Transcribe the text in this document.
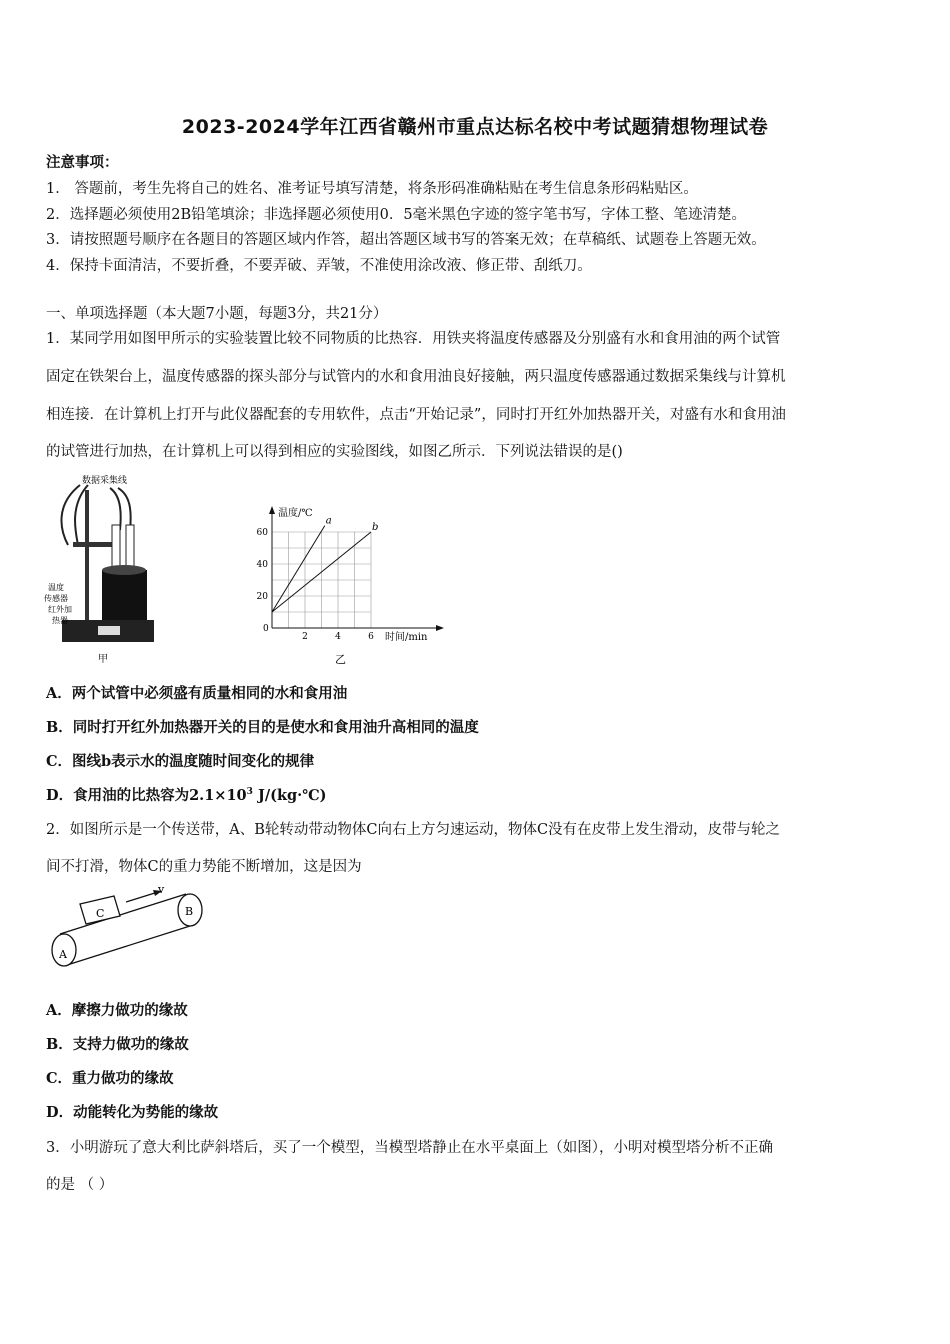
2023-2024学年江西省赣州市重点达标名校中考试题猜想物理试卷
注意事项：
1． 答题前，考生先将自己的姓名、准考证号填写清楚，将条形码准确粘贴在考生信息条形码粘贴区。
2．选择题必须使用2B铅笔填涂；非选择题必须使用0．5毫米黑色字迹的签字笔书写，字体工整、笔迹清楚。
3．请按照题号顺序在各题目的答题区域内作答，超出答题区域书写的答案无效；在草稿纸、试题卷上答题无效。
4．保持卡面清洁，不要折叠，不要弄破、弄皱，不准使用涂改液、修正带、刮纸刀。
一、单项选择题（本大题7小题，每题3分，共21分）
1．某同学用如图甲所示的实验装置比较不同物质的比热容．用铁夹将温度传感器及分别盛有水和食用油的两个试管
固定在铁架台上，温度传感器的探头部分与试管内的水和食用油良好接触，两只温度传感器通过数据采集线与计算机
相连接．在计算机上打开与此仪器配套的专用软件，点击“开始记录”，同时打开红外加热器开关，对盛有水和食用油
的试管进行加热，在计算机上可以得到相应的实验图线，如图乙所示．下列说法错误的是()
数据采集线
温度
传感器
红外加
热器
甲
温度/℃
时间/min
0
20
40
60
2	4	6
a
b
乙
A．两个试管中必须盛有质量相同的水和食用油
B．同时打开红外加热器开关的目的是使水和食用油升高相同的温度
C．图线b表示水的温度随时间变化的规律
D．食用油的比热容为$2.1\times 10^3$ J/(kg·℃)
2．如图所示是一个传送带，A、B轮转动带动物体C向右上方匀速运动，物体C没有在皮带上发生滑动，皮带与轮之
间不打滑，物体C的重力势能不断增加，这是因为
v
A
B
C
A．摩擦力做功的缘故
B．支持力做功的缘故
C．重力做功的缘故
D．动能转化为势能的缘故
3．小明游玩了意大利比萨斜塔后，买了一个模型，当模型塔静止在水平桌面上（如图），小明对模型塔分析不正确
的是 （ ）
